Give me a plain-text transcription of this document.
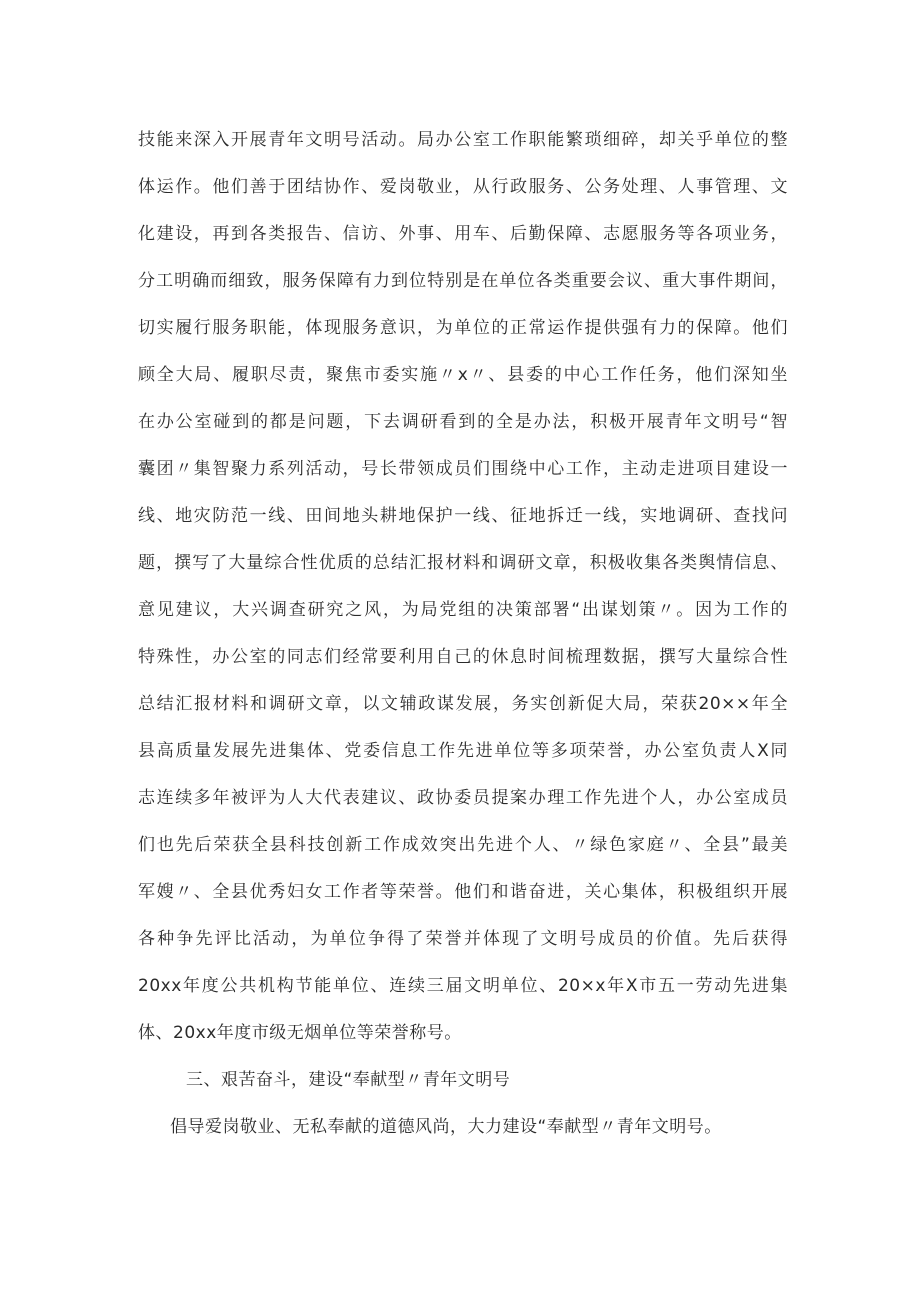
技能来深入开展青年文明号活动。局办公室工作职能繁琐细碎，却关乎单位的整
体运作。他们善于团结协作、爱岗敬业，从行政服务、公务处理、人事管理、文
化建设，再到各类报告、信访、外事、用车、后勤保障、志愿服务等各项业务，
分工明确而细致，服务保障有力到位特别是在单位各类重要会议、重大事件期间，
切实履行服务职能，体现服务意识，为单位的正常运作提供强有力的保障。他们
顾全大局、履职尽责，聚焦市委实施〃x〃、县委的中心工作任务，他们深知坐
在办公室碰到的都是问题，下去调研看到的全是办法，积极开展青年文明号“智
囊团〃集智聚力系列活动，号长带领成员们围绕中心工作，主动走进项目建设一
线、地灾防范一线、田间地头耕地保护一线、征地拆迁一线，实地调研、查找问
题，撰写了大量综合性优质的总结汇报材料和调研文章，积极收集各类舆情信息、
意见建议，大兴调查研究之风，为局党组的决策部署“出谋划策〃。因为工作的
特殊性，办公室的同志们经常要利用自己的休息时间梳理数据，撰写大量综合性
总结汇报材料和调研文章，以文辅政谋发展，务实创新促大局，荣获20××年全
县高质量发展先进集体、党委信息工作先进单位等多项荣誉，办公室负责人X同
志连续多年被评为人大代表建议、政协委员提案办理工作先进个人，办公室成员
们也先后荣获全县科技创新工作成效突出先进个人、〃绿色家庭〃、全县”最美
军嫂〃、全县优秀妇女工作者等荣誉。他们和谐奋进，关心集体，积极组织开展
各种争先评比活动，为单位争得了荣誉并体现了文明号成员的价值。先后获得
20xx年度公共机构节能单位、连续三届文明单位、20×x年X市五一劳动先进集
体、20xx年度市级无烟单位等荣誉称号。
三、艰苦奋斗，建设“奉献型〃青年文明号
倡导爱岗敬业、无私奉献的道德风尚，大力建设“奉献型〃青年文明号。
